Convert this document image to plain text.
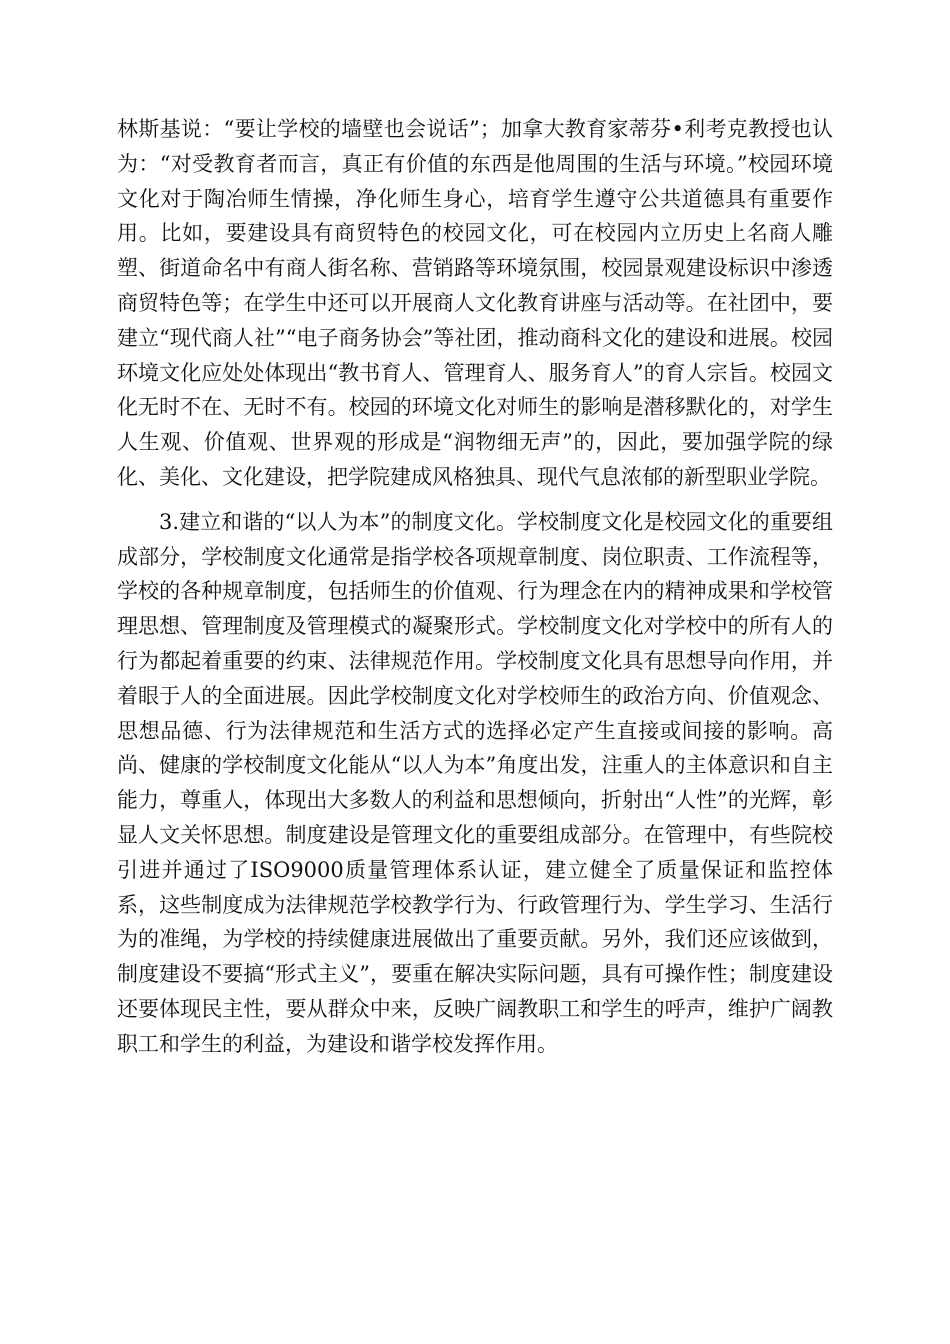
林斯基说：“要让学校的墙壁也会说话”；加拿大教育家蒂芬•利考克教授也认为：“对受教育者而言，真正有价值的东西是他周围的生活与环境。”校园环境文化对于陶冶师生情操，净化师生身心，培育学生遵守公共道德具有重要作用。比如，要建设具有商贸特色的校园文化，可在校园内立历史上名商人雕塑、街道命名中有商人街名称、营销路等环境氛围，校园景观建设标识中渗透商贸特色等；在学生中还可以开展商人文化教育讲座与活动等。在社团中，要建立“现代商人社”“电子商务协会”等社团，推动商科文化的建设和进展。校园环境文化应处处体现出“教书育人、管理育人、服务育人”的育人宗旨。校园文化无时不在、无时不有。校园的环境文化对师生的影响是潜移默化的，对学生人生观、价值观、世界观的形成是“润物细无声”的，因此，要加强学院的绿化、美化、文化建设，把学院建成风格独具、现代气息浓郁的新型职业学院。

3.建立和谐的“以人为本”的制度文化。学校制度文化是校园文化的重要组成部分，学校制度文化通常是指学校各项规章制度、岗位职责、工作流程等，学校的各种规章制度，包括师生的价值观、行为理念在内的精神成果和学校管理思想、管理制度及管理模式的凝聚形式。学校制度文化对学校中的所有人的行为都起着重要的约束、法律规范作用。学校制度文化具有思想导向作用，并着眼于人的全面进展。因此学校制度文化对学校师生的政治方向、价值观念、思想品德、行为法律规范和生活方式的选择必定产生直接或间接的影响。高尚、健康的学校制度文化能从“以人为本”角度出发，注重人的主体意识和自主能力，尊重人，体现出大多数人的利益和思想倾向，折射出“人性”的光辉，彰显人文关怀思想。制度建设是管理文化的重要组成部分。在管理中，有些院校引进并通过了ISO9000质量管理体系认证，建立健全了质量保证和监控体系，这些制度成为法律规范学校教学行为、行政管理行为、学生学习、生活行为的准绳，为学校的持续健康进展做出了重要贡献。另外，我们还应该做到，制度建设不要搞“形式主义”，要重在解决实际问题，具有可操作性；制度建设还要体现民主性，要从群众中来，反映广阔教职工和学生的呼声，维护广阔教职工和学生的利益，为建设和谐学校发挥作用。
